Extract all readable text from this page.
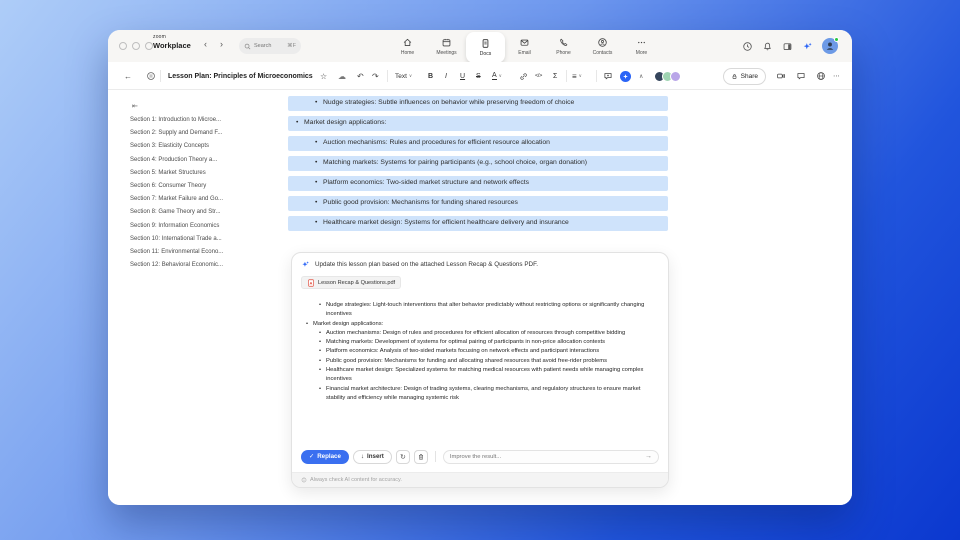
zoom
Workplace ‹ ›
Search	⌘F
Home	Meetings	Docs	Email	Phone	Contacts	More
←	Lesson Plan: Principles of Microeconomics ☆ ☁ ↶ ↷	Text ∨ B I U S A ∨	</> Σ ≡ ∨	∧	Share	⋯
⇤
Section 1: Introduction to Microe...
Section 2: Supply and Demand F...
Section 3: Elasticity Concepts
Section 4: Production Theory a...
Section 5: Market Structures
Section 6: Consumer Theory
Section 7: Market Failure and Go...
Section 8: Game Theory and Str...
Section 9: Information Economics
Section 10: International Trade a...
Section 11: Environmental Econo...
Section 12: Behavioral Economic...
• Nudge strategies: Subtle influences on behavior while preserving freedom of choice
• Market design applications:
• Auction mechanisms: Rules and procedures for efficient resource allocation
• Matching markets: Systems for pairing participants (e.g., school choice, organ donation)
• Platform economics: Two-sided market structure and network effects
• Public good provision: Mechanisms for funding shared resources
• Healthcare market design: Systems for efficient healthcare delivery and insurance
Update this lesson plan based on the attached Lesson Recap & Questions PDF.
A Lesson Recap & Questions.pdf
• Nudge strategies: Light-touch interventions that alter behavior predictably without restricting options or significantly changing incentives
• Market design applications:
• Auction mechanisms: Design of rules and procedures for efficient allocation of resources through competitive bidding
• Matching markets: Development of systems for optimal pairing of participants in non-price allocation contexts
• Platform economics: Analysis of two-sided markets focusing on network effects and participant interactions
• Public good provision: Mechanisms for funding and allocating shared resources that avoid free-rider problems
• Healthcare market design: Specialized systems for matching medical resources with patient needs while managing complex incentives
• Financial market architecture: Design of trading systems, clearing mechanisms, and regulatory structures to ensure market stability and efficiency while managing systemic risk
✓ Replace	↓ Insert ↻
Improve the result...	→
Always check AI content for accuracy.
